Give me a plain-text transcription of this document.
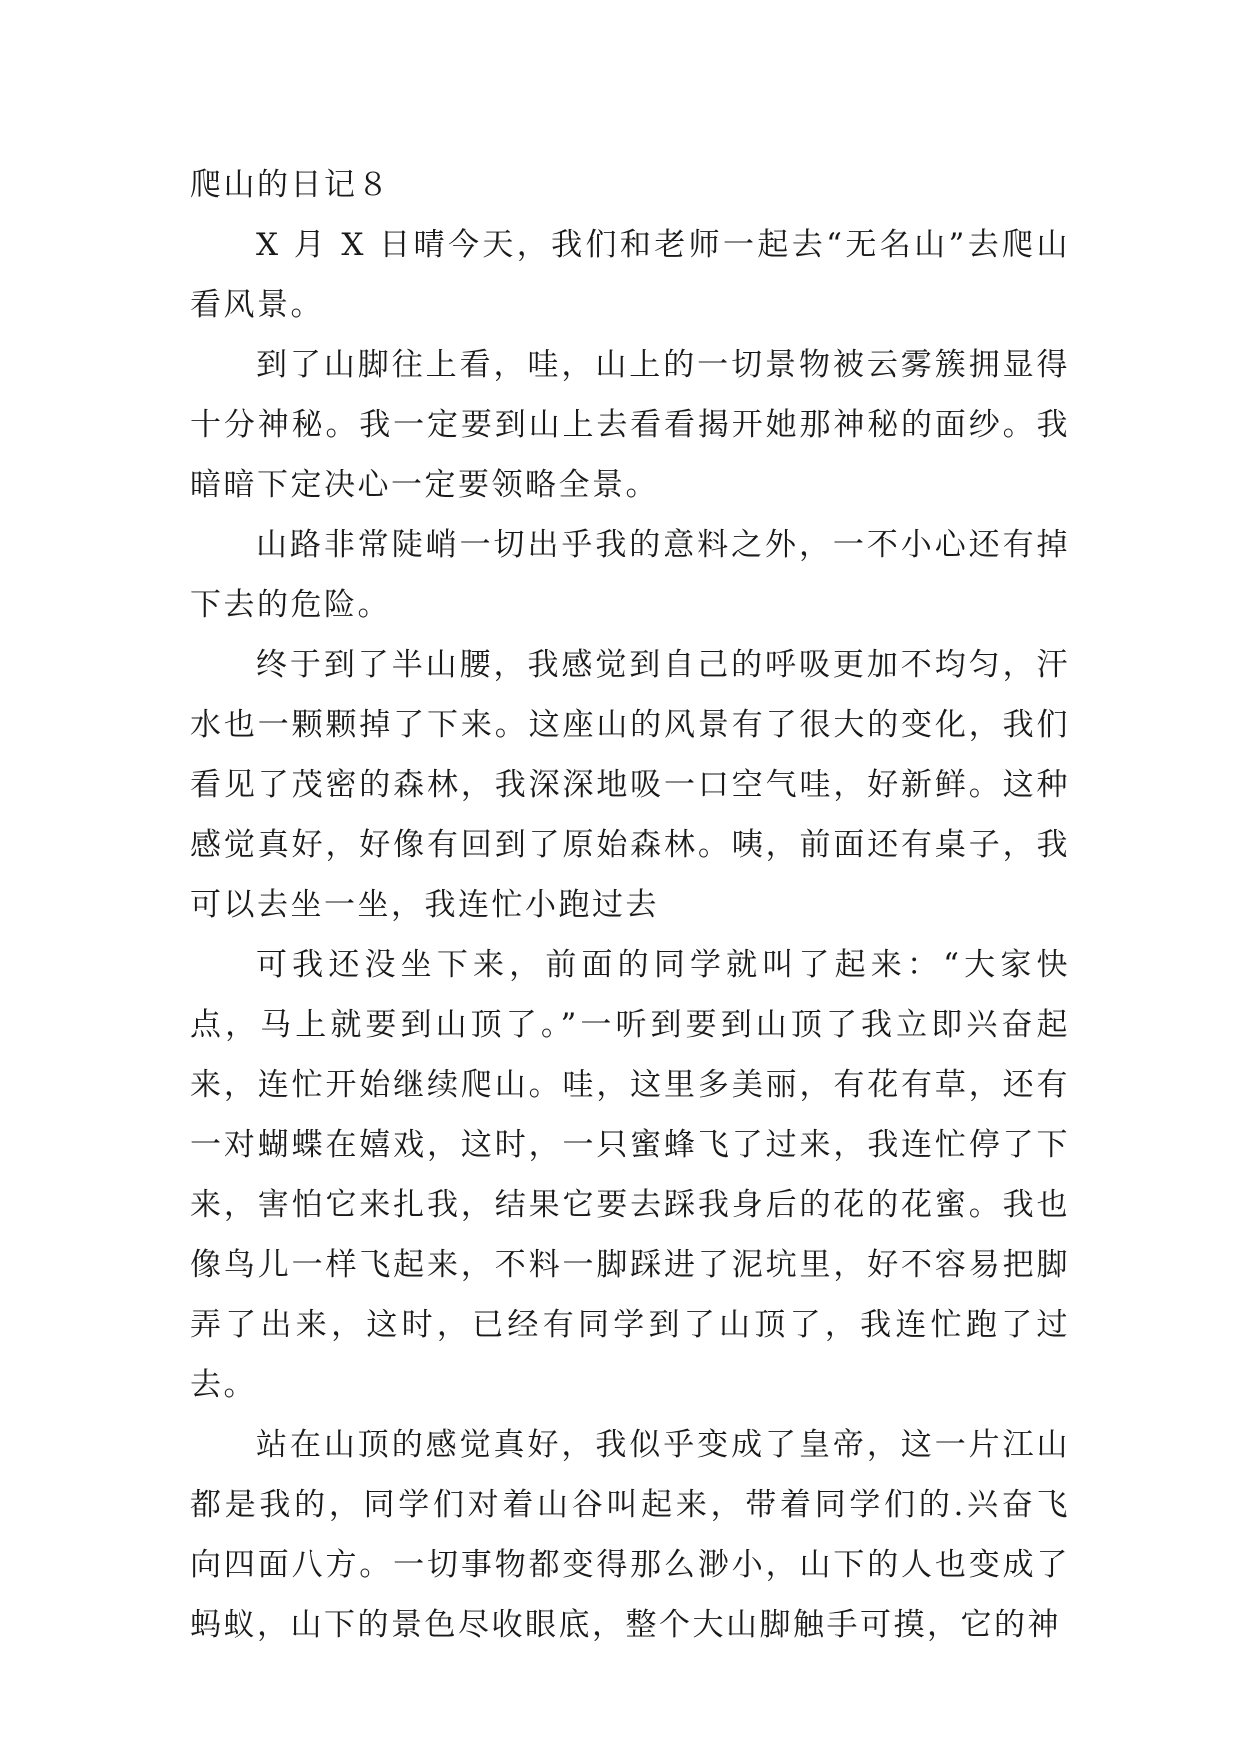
爬山的日记８

X 月 X 日晴今天，我们和老师一起去“无名山”去爬山看风景。

到了山脚往上看，哇，山上的一切景物被云雾簇拥显得十分神秘。我一定要到山上去看看揭开她那神秘的面纱。我暗暗下定决心一定要领略全景。

山路非常陡峭一切出乎我的意料之外，一不小心还有掉下去的危险。

终于到了半山腰，我感觉到自己的呼吸更加不均匀，汗水也一颗颗掉了下来。这座山的风景有了很大的变化，我们看见了茂密的森林，我深深地吸一口空气哇，好新鲜。这种感觉真好，好像有回到了原始森林。咦，前面还有桌子，我可以去坐一坐，我连忙小跑过去

可我还没坐下来，前面的同学就叫了起来：“大家快点，马上就要到山顶了。”一听到要到山顶了我立即兴奋起来，连忙开始继续爬山。哇，这里多美丽，有花有草，还有一对蝴蝶在嬉戏，这时，一只蜜蜂飞了过来，我连忙停了下来，害怕它来扎我，结果它要去踩我身后的花的花蜜。我也像鸟儿一样飞起来，不料一脚踩进了泥坑里，好不容易把脚弄了出来，这时，已经有同学到了山顶了，我连忙跑了过去。

站在山顶的感觉真好，我似乎变成了皇帝，这一片江山都是我的，同学们对着山谷叫起来，带着同学们的.兴奋飞向四面八方。一切事物都变得那么渺小，山下的人也变成了蚂蚁，山下的景色尽收眼底，整个大山脚触手可摸，它的神
